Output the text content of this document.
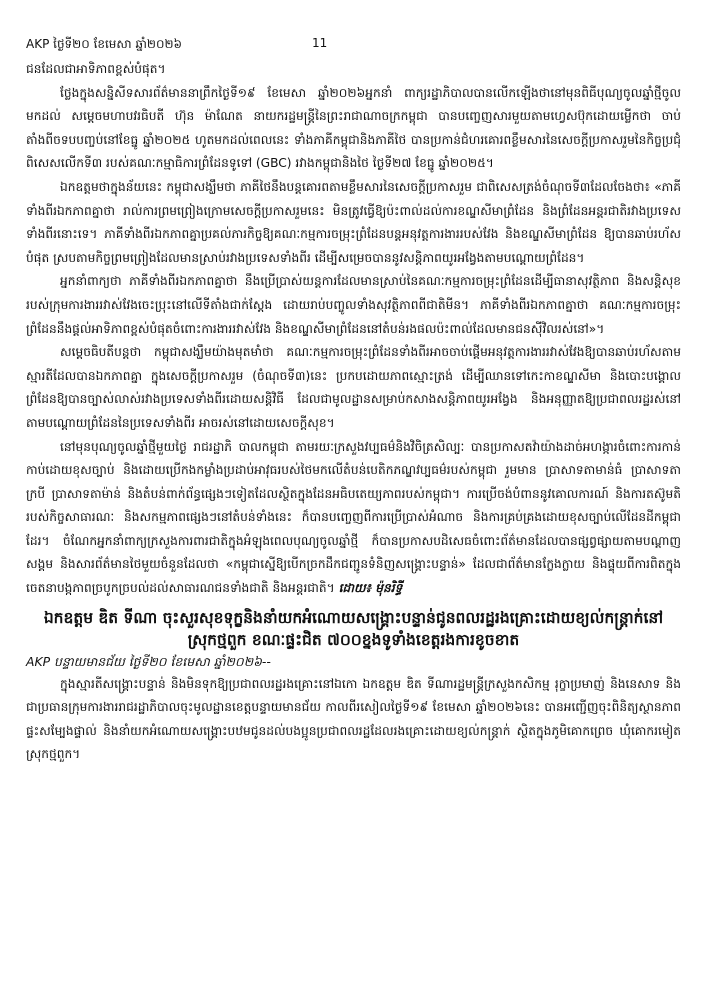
AKP ថ្ងៃទី២០ ខែមេសា ឆ្នាំ២០២៦	11

ជនដែលជាអាទិភាពខ្ពស់បំផុត។

ថ្លែងក្នុងសន្និសីទសារព័ត៌មាននាព្រឹកថ្ងៃទី១៩ ខែមេសា ឆ្នាំ២០២៦អ្នកនាំ ពាក្យរដ្ឋាភិបាលបានលើកឡើងថានៅមុនពិធីបុណ្យចូលឆ្នាំថ្មីចូលមកដល់ សម្ដេចមហាបវរធិបតី ហ៊ុន ម៉ាណែត នាយករដ្ឋមន្ត្រីនៃព្រះរាជាណាចក្រកម្ពុជា បានបញ្ចេញសារមួយតាមហ្វេសប៊ុកដោយម្លើកថា ចាប់តាំងពីចទបបញ្ចប់នៅខែធ្នូ ឆ្នាំ២០២៥ ហូតមកដល់ពេលនេះ ទាំងភាគីកម្ពុជានិងភាគីថៃ បានប្រកាន់ជំហរគោរពខ្លឹមសារនៃសេចក្ដីប្រកាសរួមនៃកិច្ចប្រជុំពិសេសលើកទី៣ របស់គណៈកម្មាធិការព្រំដែនទូទៅ (GBC) រវាងកម្ពុជានិងថៃ ថ្ងៃទី២៧ ខែធ្នូ ឆ្នាំ២០២៥។

ឯកឧត្តមថាក្នុងន័យនេះ កម្ពុជាសង្ឃឹមថា ភាគីថៃនឹងបន្តគោរពតាមខ្លឹមសារនៃសេចក្ដីប្រកាសរួម ជាពិសេសត្រង់ចំណុចទី៣ដែលចែងថា៖ «ភាគីទាំងពីរឯកភាពគ្នាថា រាល់ការព្រមព្រៀងក្រោមសេចក្ដីប្រកាសរួមនេះ មិនត្រូវធ្វើឱ្យប៉ះពាល់ដល់ការខណ្ឌសីមាព្រំដែន និងព្រំដែនអន្តរជាតិរវាងប្រទេសទាំងពីរនោះទេ។ ភាគីទាំងពីរឯកភាពគ្នាប្រគល់ភារកិច្ចឱ្យគណៈកម្មការចម្រុះព្រំដែនបន្តអនុវត្តការងាររបស់វែង និងខណ្ឌសីមាព្រំដែន ឱ្យបានឆាប់រហ័សបំផុត ស្របតាមកិច្ចព្រមព្រៀងដែលមានស្រាប់រវាងប្រទេសទាំងពីរ ដើម្បីសម្រេចបាននូវសន្តិភាពយូរអង្វែងតាមបណ្ដោយព្រំដែន។

អ្នកនាំពាក្យថា ភាគីទាំងពីរឯកភាពគ្នាថា នឹងប្រើប្រាស់យន្តការដែលមានស្រាប់នៃគណៈកម្មការចម្រុះព្រំដែនដើម្បីធានាសុវត្ថិភាព និងសន្តិសុខរបស់ក្រុមការងាររវាស់វែងចេះប្រុះនៅលើទីតាំងជាក់ស្ដែង ដោយរាប់បញ្ចូលទាំងសុវត្ថិភាពពីជាតិមីន។ ភាគីទាំងពីរឯកភាពគ្នាថា គណៈកម្មការចម្រុះព្រំដែននឹងផ្ដល់អាទិភាពខ្ពស់បំផុតចំពោះការងាររវាស់វែង និងខណ្ឌសីមាព្រំដែននៅតំបន់រងផលប៉ះពាល់ដែលមានជនស៊ីវិលរស់នៅ»។

សម្ដេចធិបតីបន្តថា កម្ពុជាសង្ឃឹមយ៉ាងមុតមាំថា គណៈកម្មការចម្រុះព្រំដែនទាំងពីរអាចចាប់ផ្ដើមអនុវត្តការងាររវាស់វែងឱ្យបានឆាប់រហ័សតាមស្មារតីដែលបានឯកភាពគ្នា ក្នុងសេចក្ដីប្រកាសរួម (ចំណុចទី៣)នេះ ប្រកបដោយភាពស្មោះត្រង់ ដើម្បីឈានទៅកេះកាខណ្ឌសីមា និងបោះបង្គោលព្រំដែនឱ្យបានច្បាស់លាស់រវាងប្រទេសទាំងពីរដោយសន្តិវិធី ដែលជាមូលដ្ឋានសម្រាប់កសាងសន្តិភាពយូរអង្វែង និងអនុញ្ញាតឱ្យប្រជាពលរដ្ឋរស់នៅតាមបណ្ដោយព្រំដែននៃប្រទេសទាំងពីរ អាចរស់នៅដោយសេចក្ដីសុខ។

នៅមុនបុណ្យចូលឆ្នាំថ្មីមួយថ្ងៃ រាជរដ្ឋាភិ បាលកម្ពុជា តាមរយៈក្រសួងវប្បធម៌និងវិចិត្រសិល្បៈ បានប្រកាសតវ៉ាយ៉ាងដាច់អហង្ការចំពោះការកាន់កាប់ដោយខុសច្បាប់ និងដោយប្រើកងកម្លាំងប្រដាប់អាវុធរបស់ថៃមកលើតំបន់បេតិកភណ្ឌវប្បធម៌របស់កម្ពុជា រួមមាន ប្រាសាទតាមាន់ធំ ប្រាសាទតាក្របី ប្រាសាទតាម៉ាន់ និងតំបន់ពាក់ព័ន្ធផ្សេងៗទៀតដែលស្ថិតក្នុងដែនអធិបតេយ្យភាពរបស់កម្ពុជា។ ការប្រើចង់បំពាននូវគោលការណ៍ និងការតស៊ូមតិរបស់កិច្ចសាធារណៈ និងសកម្មភាពផ្សេងៗនៅតំបន់ទាំងនេះ ក៏បានបញ្ចេញពីការប្រើប្រាស់អំណាច និងការគ្រប់គ្រងដោយខុសច្បាប់លើដែនដីកម្ពុជាដែរ។ ចំណែកអ្នកនាំពាក្យក្រសួងការពារជាតិក្នុងអំឡុងពេលបុណ្យចូលឆ្នាំថ្មី ក៏បានប្រកាសបដិសេធចំពោះព័ត៌មានដែលបានផ្សព្វផ្សាយតាមបណ្ដាញសង្គម និងសារព័ត៌មានថៃមួយចំនួនដែលថា «កម្ពុជាស្នើឱ្យបើកច្រកដឹកជញ្ជូនទំនិញសង្គ្រោះបន្ទាន់» ដែលជាព័ត៌មានក្លែងក្លាយ និងផ្ទុយពីការពិតក្នុងចេតនាបង្កភាពច្របូកច្របល់ដល់សាធារណជនទាំងជាតិ និងអន្តរជាតិ។ ដោយ៖ ម៉ុនរិទ្ធី

ឯកឧត្តម ឌិត ទីណា ចុះសួរសុខទុក្ខនិងនាំយកអំណោយសង្គ្រោះបន្ទាន់ជូនពលរដ្ឋរងគ្រោះដោយខ្យល់កន្ត្រាក់នៅស្រុកថ្មពួក ខណៈផ្ទះជិត ៧០០ខ្នងទូទាំងខេត្តរងការខូចខាត
AKP បន្ទាយមានជ័យ ថ្ងៃទី២០ ខែមេសា ឆ្នាំ២០២៦--

ក្នុងស្មារតីសង្គ្រោះបន្ទាន់ និងមិនទុកឱ្យប្រជាពលរដ្ឋរងគ្រោះនៅឯកោ ឯកឧត្តម ឌិត ទីណារដ្ឋមន្ត្រីក្រសួងកសិកម្ម រុក្ខាប្រមាញ់ និងនេសាទ និងជាប្រធានក្រុមការងាររាជរដ្ឋាភិបាលចុះមូលដ្ឋានខេត្តបន្ទាយមានជ័យ កាលពីរសៀលថ្ងៃទី១៩ ខែមេសា ឆ្នាំ២០២៦នេះ បានអញ្ជើញចុះពិនិត្យស្ថានភាពផ្ទះសម្បែងផ្ទាល់ និងនាំយកអំណោយសង្គ្រោះបឋមជូនដល់បងប្អូនប្រជាពលរដ្ឋដែលរងគ្រោះដោយខ្យល់កន្ត្រាក់ ស្ថិតក្នុងភូមិគោកព្រេច ឃុំគោករមៀត ស្រុកថ្មពួក។
